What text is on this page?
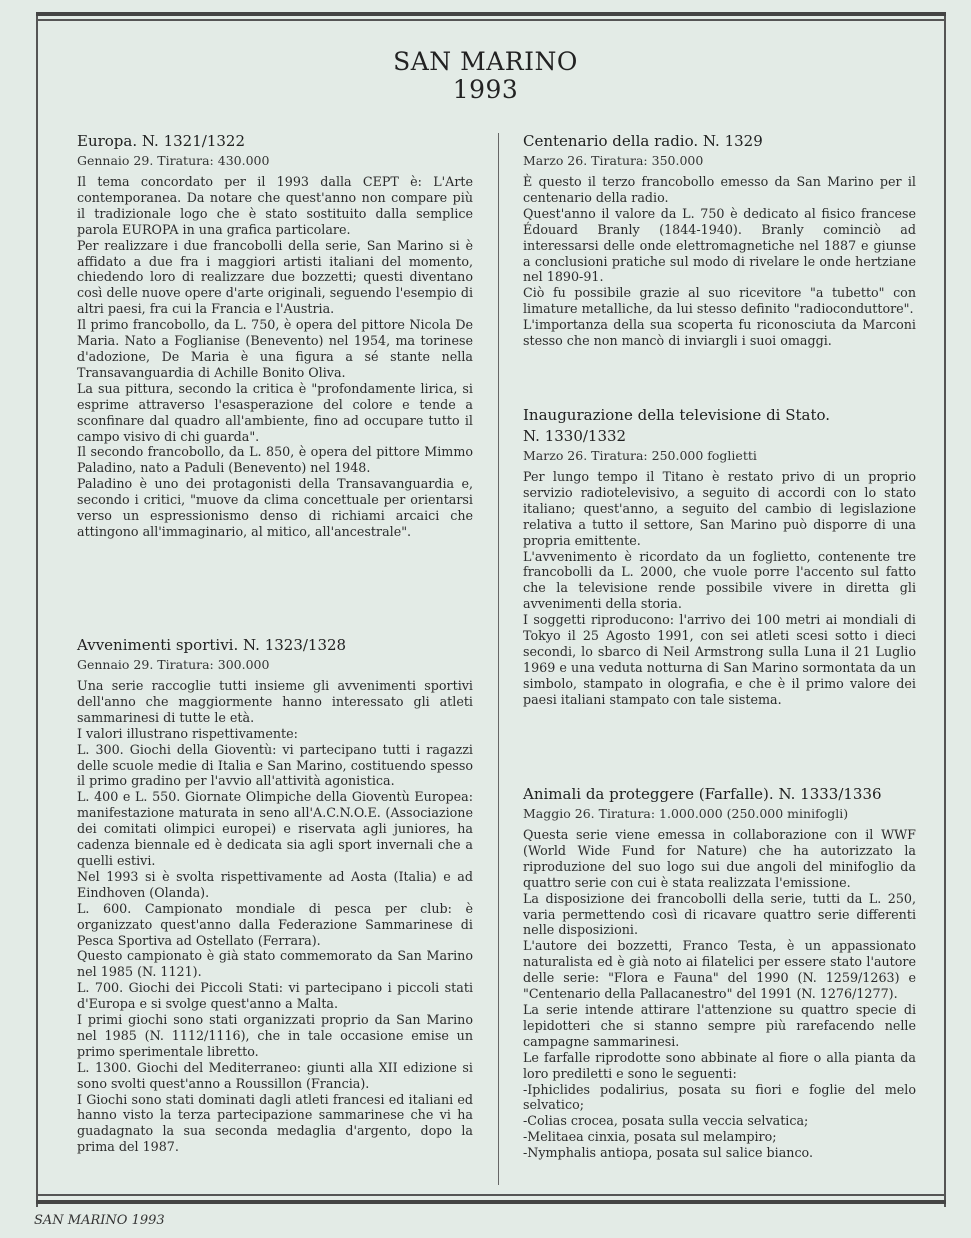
SAN MARINO
1993
Europa. N. 1321/1322
Gennaio 29. Tiratura: 430.000

Il tema concordato per il 1993 dalla CEPT è: L'Arte contemporanea. Da notare che quest'anno non compare più il tradizionale logo che è stato sostituito dalla semplice parola EUROPA in una grafica particolare.

Per realizzare i due francobolli della serie, San Marino si è affidato a due fra i maggiori artisti italiani del momento, chiedendo loro di realizzare due bozzetti; questi diventano così delle nuove opere d'arte originali, seguendo l'esempio di altri paesi, fra cui la Francia e l'Austria.

Il primo francobollo, da L. 750, è opera del pittore Nicola De Maria. Nato a Foglianise (Benevento) nel 1954, ma torinese d'adozione, De Maria è una figura a sé stante nella Transavanguardia di Achille Bonito Oliva.

La sua pittura, secondo la critica è "profondamente lirica, si esprime attraverso l'esasperazione del colore e tende a sconfinare dal quadro all'ambiente, fino ad occupare tutto il campo visivo di chi guarda".

Il secondo francobollo, da L. 850, è opera del pittore Mimmo Paladino, nato a Paduli (Benevento) nel 1948.

Paladino è uno dei protagonisti della Transavanguardia e, secondo i critici, "muove da clima concettuale per orientarsi verso un espressionismo denso di richiami arcaici che attingono all'immaginario, al mitico, all'ancestrale".

Avvenimenti sportivi. N. 1323/1328
Gennaio 29. Tiratura: 300.000

Una serie raccoglie tutti insieme gli avvenimenti sportivi dell'anno che maggiormente hanno interessato gli atleti sammarinesi di tutte le età.

I valori illustrano rispettivamente:

L. 300. Giochi della Gioventù: vi partecipano tutti i ragazzi delle scuole medie di Italia e San Marino, costituendo spesso il primo gradino per l'avvio all'attività agonistica.

L. 400 e L. 550. Giornate Olimpiche della Gioventù Europea: manifestazione maturata in seno all'A.C.N.O.E. (Associazione dei comitati olimpici europei) e riservata agli juniores, ha cadenza biennale ed è dedicata sia agli sport invernali che a quelli estivi.

Nel 1993 si è svolta rispettivamente ad Aosta (Italia) e ad Eindhoven (Olanda).

L. 600. Campionato mondiale di pesca per club: è organizzato quest'anno dalla Federazione Sammarinese di Pesca Sportiva ad Ostellato (Ferrara).

Questo campionato è già stato commemorato da San Marino nel 1985 (N. 1121).

L. 700. Giochi dei Piccoli Stati: vi partecipano i piccoli stati d'Europa e si svolge quest'anno a Malta.

I primi giochi sono stati organizzati proprio da San Marino nel 1985 (N. 1112/1116), che in tale occasione emise un primo sperimentale libretto.

L. 1300. Giochi del Mediterraneo: giunti alla XII edizione si sono svolti quest'anno a Roussillon (Francia).

I Giochi sono stati dominati dagli atleti francesi ed italiani ed hanno visto la terza partecipazione sammarinese che vi ha guadagnato la sua seconda medaglia d'argento, dopo la prima del 1987.

Centenario della radio. N. 1329
Marzo 26. Tiratura: 350.000

È questo il terzo francobollo emesso da San Marino per il centenario della radio.

Quest'anno il valore da L. 750 è dedicato al fisico francese Édouard Branly (1844-1940). Branly cominciò ad interessarsi delle onde elettromagnetiche nel 1887 e giunse a conclusioni pratiche sul modo di rivelare le onde hertziane nel 1890-91.

Ciò fu possibile grazie al suo ricevitore "a tubetto" con limature metalliche, da lui stesso definito "radioconduttore".

L'importanza della sua scoperta fu riconosciuta da Marconi stesso che non mancò di inviargli i suoi omaggi.

Inaugurazione della televisione di Stato.
N. 1330/1332
Marzo 26. Tiratura: 250.000 foglietti

Per lungo tempo il Titano è restato privo di un proprio servizio radiotelevisivo, a seguito di accordi con lo stato italiano; quest'anno, a seguito del cambio di legislazione relativa a tutto il settore, San Marino può disporre di una propria emittente.

L'avvenimento è ricordato da un foglietto, contenente tre francobolli da L. 2000, che vuole porre l'accento sul fatto che la televisione rende possibile vivere in diretta gli avvenimenti della storia.

I soggetti riproducono: l'arrivo dei 100 metri ai mondiali di Tokyo il 25 Agosto 1991, con sei atleti scesi sotto i dieci secondi, lo sbarco di Neil Armstrong sulla Luna il 21 Luglio 1969 e una veduta notturna di San Marino sormontata da un simbolo, stampato in olografia, e che è il primo valore dei paesi italiani stampato con tale sistema.

Animali da proteggere (Farfalle). N. 1333/1336
Maggio 26. Tiratura: 1.000.000 (250.000 minifogli)

Questa serie viene emessa in collaborazione con il WWF (World Wide Fund for Nature) che ha autorizzato la riproduzione del suo logo sui due angoli del minifoglio da quattro serie con cui è stata realizzata l'emissione.

La disposizione dei francobolli della serie, tutti da L. 250, varia permettendo così di ricavare quattro serie differenti nelle disposizioni.

L'autore dei bozzetti, Franco Testa, è un appassionato naturalista ed è già noto ai filatelici per essere stato l'autore delle serie: "Flora e Fauna" del 1990 (N. 1259/1263) e "Centenario della Pallacanestro" del 1991 (N. 1276/1277).

La serie intende attirare l'attenzione su quattro specie di lepidotteri che si stanno sempre più rarefacendo nelle campagne sammarinesi.

Le farfalle riprodotte sono abbinate al fiore o alla pianta da loro prediletti e sono le seguenti:

-Iphiclides podalirius, posata su fiori e foglie del melo selvatico;

-Colias crocea, posata sulla veccia selvatica;

-Melitaea cinxia, posata sul melampiro;

-Nymphalis antiopa, posata sul salice bianco.

SAN MARINO 1993
